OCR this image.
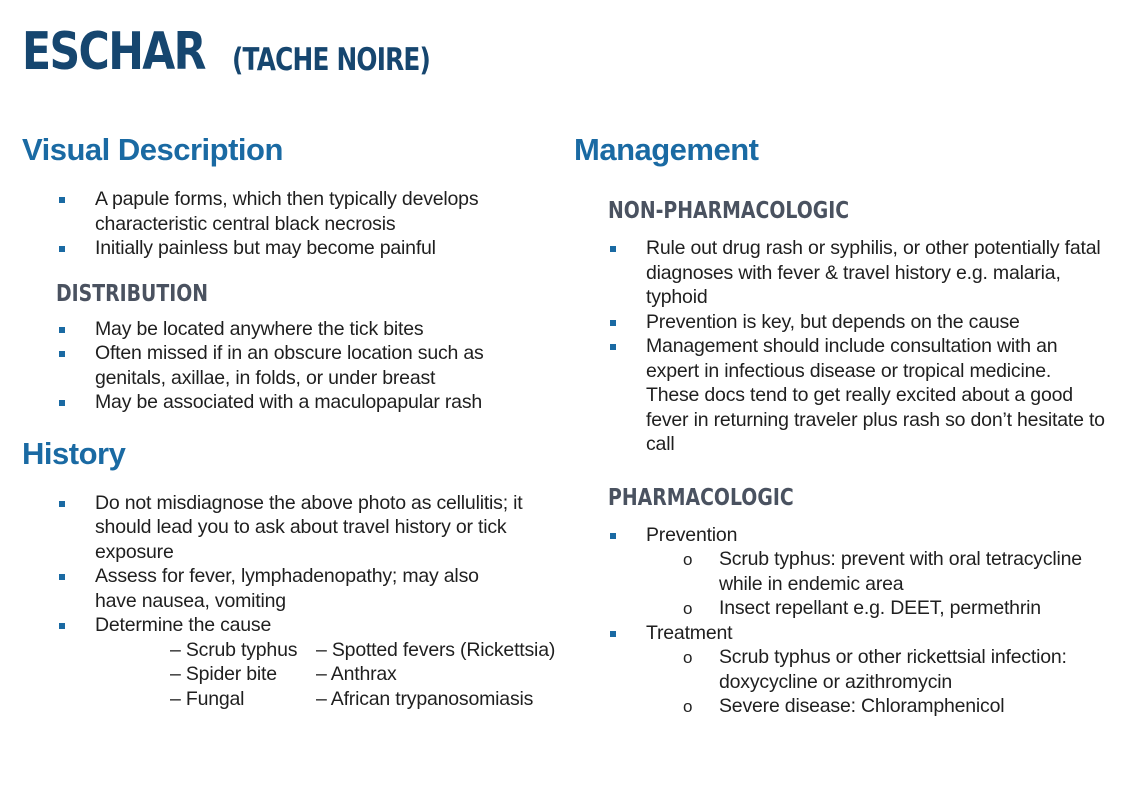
ESCHAR (TACHE NOIRE)
Visual Description
A papule forms, which then typically develops characteristic central black necrosis
Initially painless but may become painful
DISTRIBUTION
May be located anywhere the tick bites
Often missed if in an obscure location such as genitals, axillae, in folds, or under breast
May be associated with a maculopapular rash
History
Do not misdiagnose the above photo as cellulitis; it should lead you to ask about travel history or tick exposure
Assess for fever, lymphadenopathy; may also have nausea, vomiting
Determine the cause
– Scrub typhus – Spotted fevers (Rickettsia)
– Spider bite – Anthrax
– Fungal	– African trypanosomiasis
Management
NON-PHARMACOLOGIC
Rule out drug rash or syphilis, or other potentially fatal diagnoses with fever & travel history e.g. malaria, typhoid
Prevention is key, but depends on the cause
Management should include consultation with an expert in infectious disease or tropical medicine. These docs tend to get really excited about a good fever in returning traveler plus rash so don’t hesitate to call
PHARMACOLOGIC
Prevention
o Scrub typhus: prevent with oral tetracycline while in endemic area
o Insect repellant e.g. DEET, permethrin
Treatment
o Scrub typhus or other rickettsial infection: doxycycline or azithromycin
o Severe disease: Chloramphenicol
